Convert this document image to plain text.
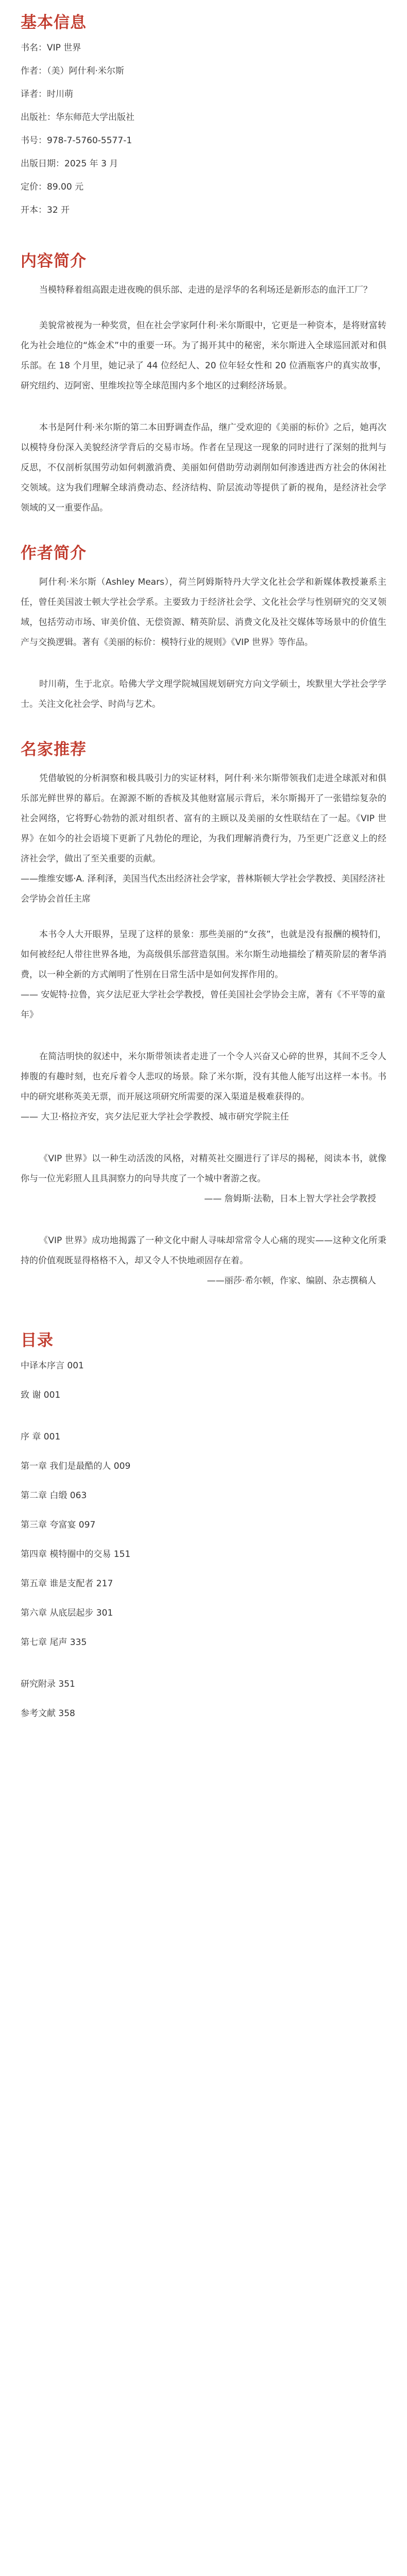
基本信息

书名：VIP 世界

作者：（美）阿什利·米尔斯

译者：时川萌

出版社：华东师范大学出版社

书号：978-7-5760-5577-1

出版日期：2025 年 3 月

定价：89.00 元

开本：32 开

内容简介

当模特释着组高跟走进夜晚的俱乐部、走进的是浮华的名利场还是新形态的血汗工厂？

美貌常被视为一种奖赏，但在社会学家阿什利·米尔斯眼中，它更是一种资本，是将财富转化为社会地位的“炼金术”中的重要一环。为了揭开其中的秘密，米尔斯进入全球巡回派对和俱乐部。在 18 个月里，她记录了 44 位经纪人、20 位年轻女性和 20 位酒瓶客户的真实故事，研究纽约、迈阿密、里维埃拉等全球范围内多个地区的过剩经济场景。

本书是阿什利·米尔斯的第二本田野调查作品，继广受欢迎的《美丽的标价》之后，她再次以模特身份深入美貌经济学背后的交易市场。作者在呈现这一现象的同时进行了深刻的批判与反思，不仅剖析氛围劳动如何刺激消费、美丽如何借助劳动剥削如何渗透进西方社会的休闲社交领域。这为我们理解全球消费动态、经济结构、阶层流动等提供了新的视角，是经济社会学领域的又一重要作品。

作者简介

阿什利·米尔斯（Ashley Mears），荷兰阿姆斯特丹大学文化社会学和新媒体教授兼系主任，曾任美国波士顿大学社会学系。主要致力于经济社会学、文化社会学与性别研究的交叉领域，包括劳动市场、审美价值、无偿资源、精英阶层、消费文化及社交媒体等场景中的价值生产与交换逻辑。著有《美丽的标价：模特行业的规则》《VIP 世界》等作品。

时川萌，生于北京。哈佛大学文理学院城国规划研究方向文学硕士，埃默里大学社会学学士。关注文化社会学、时尚与艺术。

名家推荐

凭借敏锐的分析洞察和极具吸引力的实证材料，阿什利·米尔斯带领我们走进全球派对和俱乐部光鲜世界的幕后。在源源不断的香槟及其他财富展示背后，米尔斯揭开了一张错综复杂的社会网络，它将野心勃勃的派对组织者、富有的主顾以及美丽的女性联结在了一起。《VIP 世界》在如今的社会语境下更新了凡勃伦的理论，为我们理解消费行为，乃至更广泛意义上的经济社会学，做出了至关重要的贡献。

——维维安娜·A. 泽利泽，美国当代杰出经济社会学家，普林斯顿大学社会学教授、美国经济社会学协会首任主席

本书令人大开眼界，呈现了这样的景象：那些美丽的“女孩”，也就是没有报酬的模特们，如何被经纪人带往世界各地，为高级俱乐部营造氛围。米尔斯生动地描绘了精英阶层的奢华消费，以一种全新的方式阐明了性别在日常生活中是如何发挥作用的。

—— 安妮特·拉鲁，宾夕法尼亚大学社会学教授，曾任美国社会学协会主席，著有《不平等的童年》

在简洁明快的叙述中，米尔斯带领读者走进了一个令人兴奋又心碎的世界，其间不乏令人捧腹的有趣时刻，也充斥着令人悲叹的场景。除了米尔斯，没有其他人能写出这样一本书。书中的研究堪称英美无票，而开展这项研究所需要的深入渠道是极难获得的。

—— 大卫·格拉齐安，宾夕法尼亚大学社会学教授、城市研究学院主任

《VIP 世界》以一种生动活泼的风格，对精英社交圈进行了详尽的揭秘，阅读本书，就像你与一位光彩照人且具洞察力的向导共度了一个城中奢游之夜。

—— 詹姆斯·法勒，日本上智大学社会学教授

《VIP 世界》成功地揭露了一种文化中耐人寻味却常常令人心痛的现实——这种文化所秉持的价值观既显得格格不入，却又令人不快地顽固存在着。

——丽莎·希尔顿，作家、编剧、杂志撰稿人

目录

中译本序言 001

致 谢 001

序 章 001

第一章 我们是最酷的人 009

第二章 白缎 063

第三章 夸富宴 097

第四章 模特圈中的交易 151

第五章 谁是支配者 217

第六章 从底层起步 301

第七章 尾声 335

研究附录 351

参考文献 358
